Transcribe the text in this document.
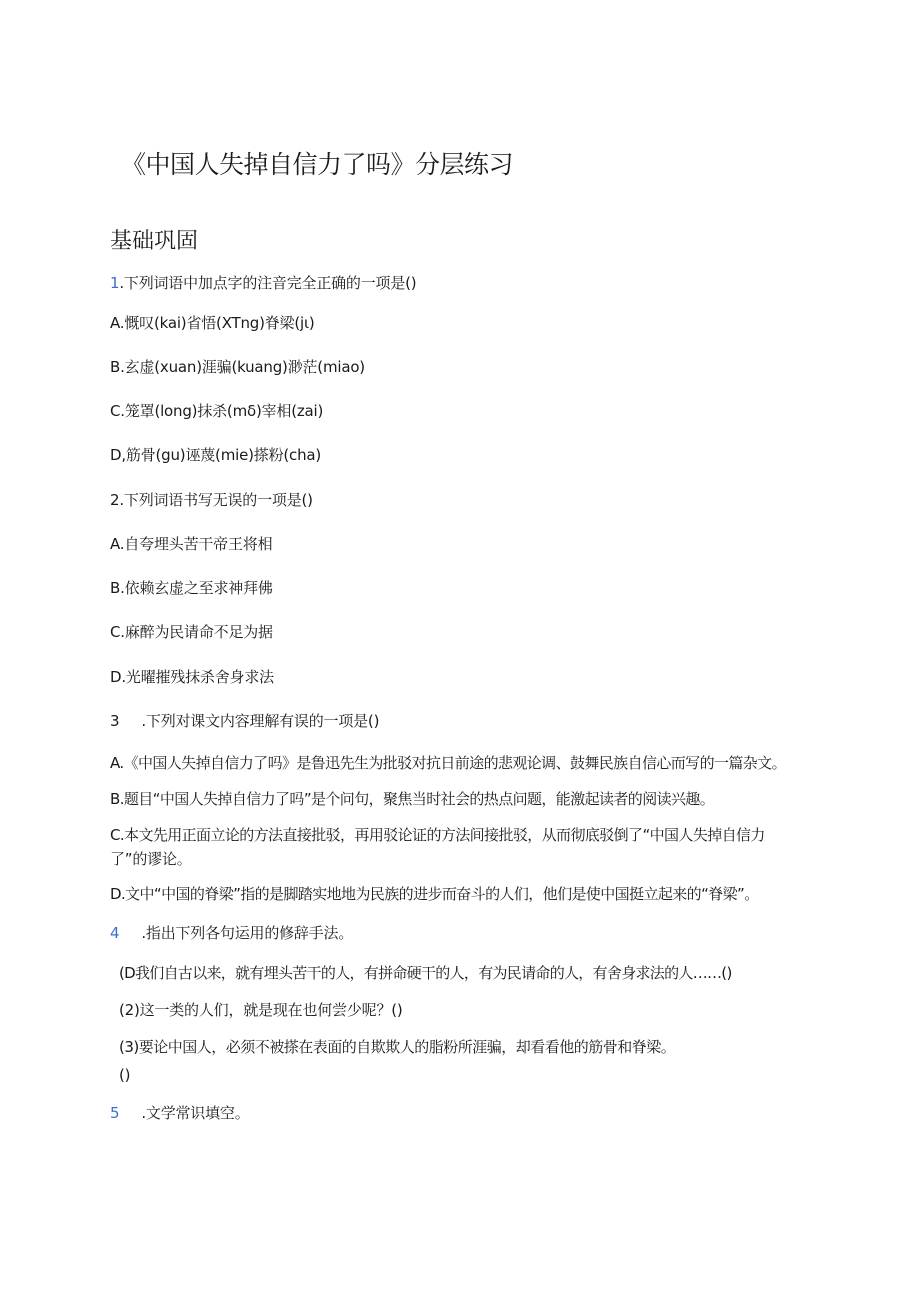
《中国人失掉自信力了吗》分层练习
基础巩固
1.下列词语中加点字的注音完全正确的一项是()
A.慨叹(kai)省悟(XTng)脊梁(jι)
B.玄虚(xuan)涯骗(kuang)渺茫(miao)
C.笼罩(long)抹杀(mδ)宰相(zai)
D,筋骨(gu)诬蔑(mie)搽粉(cha)
2.下列词语书写无误的一项是()
A.自夸埋头苦干帝王将相
B.依赖玄虚之至求神拜佛
C.麻醉为民请命不足为据
D.光曜摧残抹杀舍身求法
3 .下列对课文内容理解有误的一项是()
A.《中国人失掉自信力了吗》是鲁迅先生为批驳对抗日前途的悲观论调、鼓舞民族自信心而写的一篇杂文。
B.题目“中国人失掉自信力了吗”是个问句，聚焦当时社会的热点问题，能激起读者的阅读兴趣。
C.本文先用正面立论的方法直接批驳，再用驳论证的方法间接批驳，从而彻底驳倒了“中国人失掉自信力
了”的谬论。
D.文中“中国的脊梁”指的是脚踏实地地为民族的进步而奋斗的人们，他们是使中国挺立起来的“脊梁”。
4 .指出下列各句运用的修辞手法。
(D我们自古以来，就有埋头苦干的人，有拼命硬干的人，有为民请命的人，有舍身求法的人……()
(2)这一类的人们，就是现在也何尝少呢？()
(3)要论中国人，必须不被搽在表面的自欺欺人的脂粉所涯骗，却看看他的筋骨和脊梁。
()
5 .文学常识填空。
